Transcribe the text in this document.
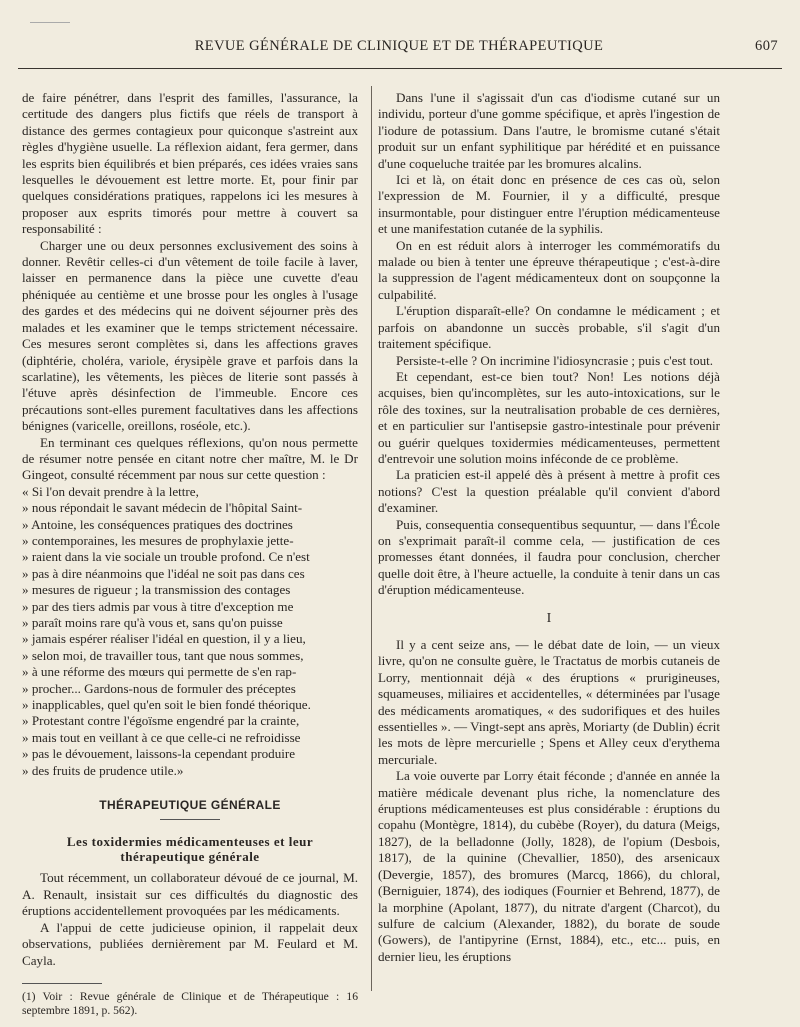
REVUE GÉNÉRALE DE CLINIQUE ET DE THÉRAPEUTIQUE	607

de faire pénétrer, dans l'esprit des familles, l'assurance, la certitude des dangers plus fictifs que réels de transport à distance des germes contagieux pour quiconque s'astreint aux règles d'hygiène usuelle. La réflexion aidant, fera germer, dans les esprits bien équilibrés et bien préparés, ces idées vraies sans lesquelles le dévouement est lettre morte. Et, pour finir par quelques considérations pratiques, rappelons ici les mesures à proposer aux esprits timorés pour mettre à couvert sa responsabilité :

Charger une ou deux personnes exclusivement des soins à donner. Revêtir celles-ci d'un vêtement de toile facile à laver, laisser en permanence dans la pièce une cuvette d'eau phéniquée au centième et une brosse pour les ongles à l'usage des gardes et des médecins qui ne doivent séjourner près des malades et les examiner que le temps strictement nécessaire. Ces mesures seront complètes si, dans les affections graves (diphtérie, choléra, variole, érysipèle grave et parfois dans la scarlatine), les vêtements, les pièces de literie sont passés à l'étuve après désinfection de l'immeuble. Encore ces précautions sont-elles purement facultatives dans les affections bénignes (varicelle, oreillons, roséole, etc.).

En terminant ces quelques réflexions, qu'on nous permette de résumer notre pensée en citant notre cher maître, M. le Dr Gingeot, consulté récemment par nous sur cette question :

« Si l'on devait prendre à la lettre,

» nous répondait le savant médecin de l'hôpital Saint-

» Antoine, les conséquences pratiques des doctrines

» contemporaines, les mesures de prophylaxie jette-

» raient dans la vie sociale un trouble profond. Ce n'est

» pas à dire néanmoins que l'idéal ne soit pas dans ces

» mesures de rigueur ; la transmission des contages

» par des tiers admis par vous à titre d'exception me

» paraît moins rare qu'à vous et, sans qu'on puisse

» jamais espérer réaliser l'idéal en question, il y a lieu,

» selon moi, de travailler tous, tant que nous sommes,

» à une réforme des mœurs qui permette de s'en rap-

» procher... Gardons-nous de formuler des préceptes

» inapplicables, quel qu'en soit le bien fondé théorique.

» Protestant contre l'égoïsme engendré par la crainte,

» mais tout en veillant à ce que celle-ci ne refroidisse

» pas le dévouement, laissons-la cependant produire

» des fruits de prudence utile.»

THÉRAPEUTIQUE GÉNÉRALE
Les toxidermies médicamenteuses et leur
thérapeutique générale

Tout récemment, un collaborateur dévoué de ce journal, M. A. Renault, insistait sur ces difficultés du diagnostic des éruptions accidentellement provoquées par les médicaments.

A l'appui de cette judicieuse opinion, il rappelait deux observations, publiées dernièrement par M. Feulard et M. Cayla.

(1) Voir : Revue générale de Clinique et de Thérapeutique : 16 septembre 1891, p. 562).

Dans l'une il s'agissait d'un cas d'iodisme cutané sur un individu, porteur d'une gomme spécifique, et après l'ingestion de l'iodure de potassium. Dans l'autre, le bromisme cutané s'était produit sur un enfant syphilitique par hérédité et en puissance d'une coqueluche traitée par les bromures alcalins.

Ici et là, on était donc en présence de ces cas où, selon l'expression de M. Fournier, il y a difficulté, presque insurmontable, pour distinguer entre l'éruption médicamenteuse et une manifestation cutanée de la syphilis.

On en est réduit alors à interroger les commémoratifs du malade ou bien à tenter une épreuve thérapeutique ; c'est-à-dire la suppression de l'agent médicamenteux dont on soupçonne la culpabilité.

L'éruption disparaît-elle? On condamne le médicament ; et parfois on abandonne un succès probable, s'il s'agit d'un traitement spécifique.

Persiste-t-elle ? On incrimine l'idiosyncrasie ; puis c'est tout.

Et cependant, est-ce bien tout? Non! Les notions déjà acquises, bien qu'incomplètes, sur les auto-intoxications, sur le rôle des toxines, sur la neutralisation probable de ces dernières, et en particulier sur l'antisepsie gastro-intestinale pour prévenir ou guérir quelques toxidermies médicamenteuses, permettent d'entrevoir une solution moins inféconde de ce problème.

La praticien est-il appelé dès à présent à mettre à profit ces notions? C'est la question préalable qu'il convient d'abord d'examiner.

Puis, consequentia consequentibus sequuntur, — dans l'École on s'exprimait paraît-il comme cela, — justification de ces promesses étant données, il faudra pour conclusion, chercher quelle doit être, à l'heure actuelle, la conduite à tenir dans un cas d'éruption médicamenteuse.

I

Il y a cent seize ans, — le débat date de loin, — un vieux livre, qu'on ne consulte guère, le Tractatus de morbis cutaneis de Lorry, mentionnait déjà « des éruptions « prurigineuses, squameuses, miliaires et accidentelles, « déterminées par l'usage des médicaments aromatiques, « des sudorifiques et des huiles essentielles ». — Vingt-sept ans après, Moriarty (de Dublin) écrit les mots de lèpre mercurielle ; Spens et Alley ceux d'erythema mercuriale.

La voie ouverte par Lorry était féconde ; d'année en année la matière médicale devenant plus riche, la nomenclature des éruptions médicamenteuses est plus considérable : éruptions du copahu (Montègre, 1814), du cubèbe (Royer), du datura (Meigs, 1827), de la belladonne (Jolly, 1828), de l'opium (Desbois, 1817), de la quinine (Chevallier, 1850), des arsenicaux (Devergie, 1857), des bromures (Marcq, 1866), du chloral, (Berniguier, 1874), des iodiques (Fournier et Behrend, 1877), de la morphine (Apolant, 1877), du nitrate d'argent (Charcot), du sulfure de calcium (Alexander, 1882), du borate de soude (Gowers), de l'antipyrine (Ernst, 1884), etc., etc... puis, en dernier lieu, les éruptions
